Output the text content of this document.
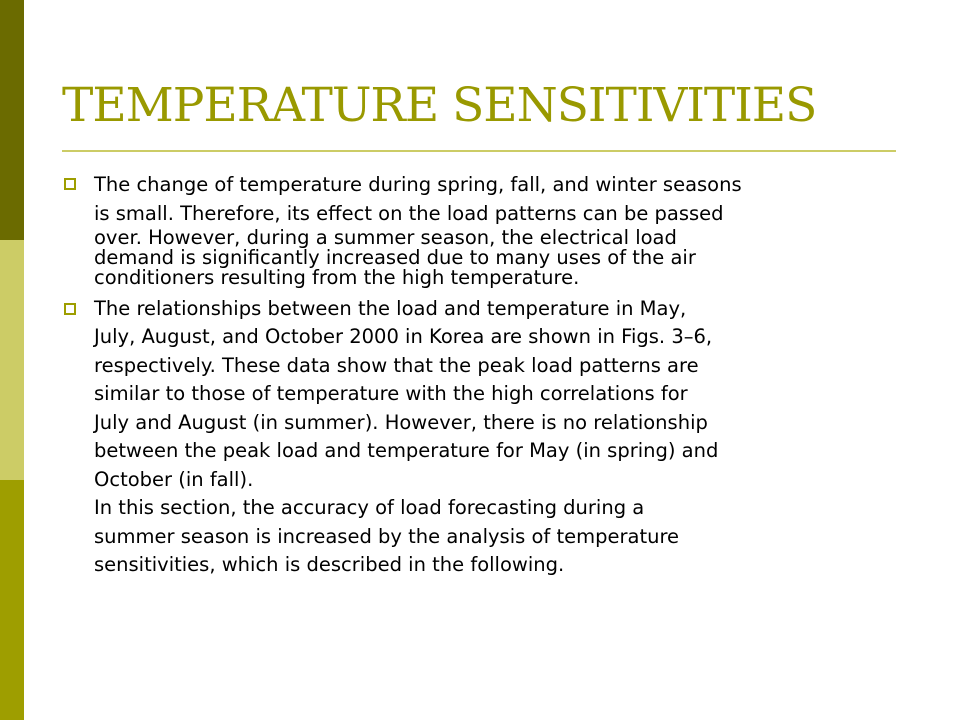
TEMPERATURE SENSITIVITIES
The change of temperature during spring, fall, and winter seasons
is small. Therefore, its effect on the load patterns can be passed
over. However, during a summer season, the electrical load
demand is significantly increased due to many uses of the air
conditioners resulting from the high temperature.
The relationships between the load and temperature in May,
July, August, and October 2000 in Korea are shown in Figs. 3–6,
respectively. These data show that the peak load patterns are
similar to those of temperature with the high correlations for
July and August (in summer). However, there is no relationship
between the peak load and temperature for May (in spring) and
October (in fall).
In this section, the accuracy of load forecasting during a
summer season is increased by the analysis of temperature
sensitivities, which is described in the following.
